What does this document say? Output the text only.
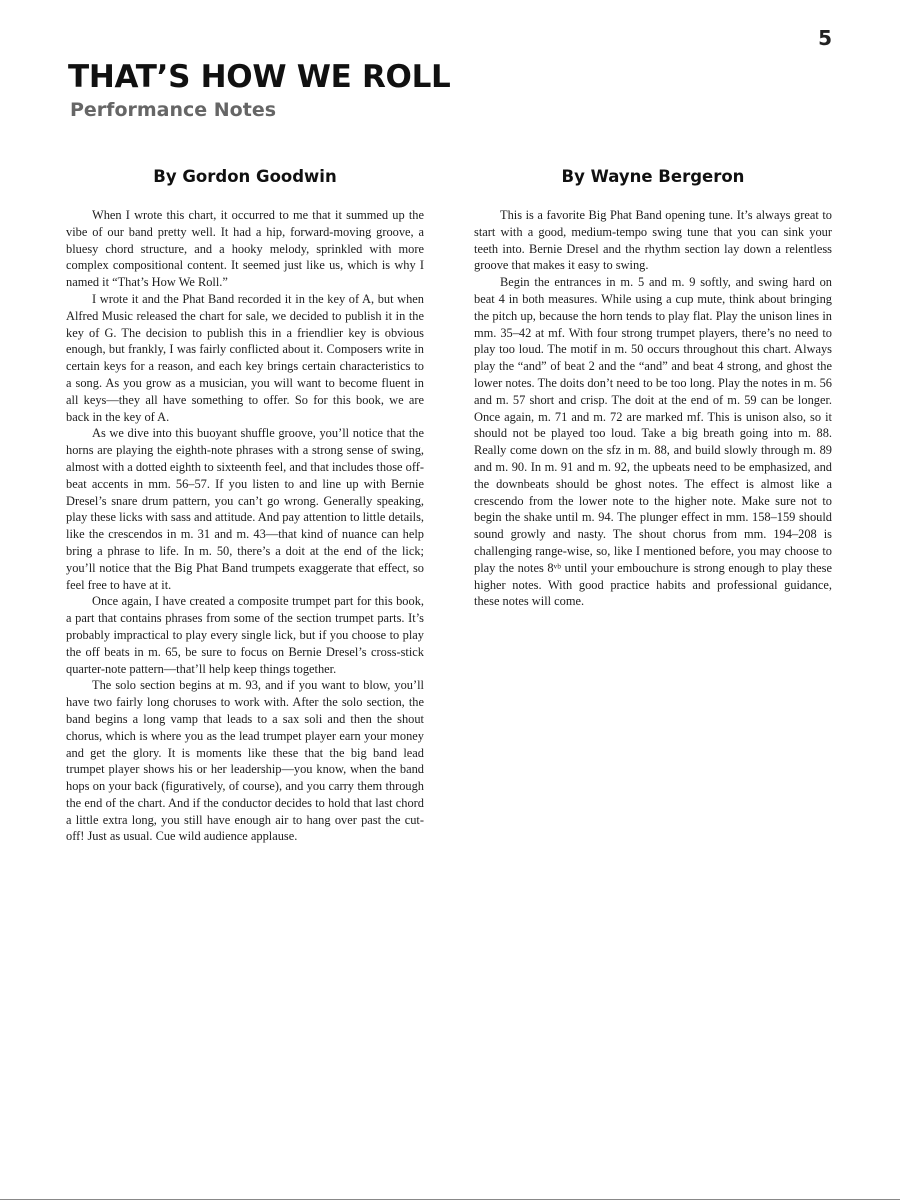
5
THAT’S HOW WE ROLL
Performance Notes
By Gordon Goodwin

When I wrote this chart, it occurred to me that it summed up the vibe of our band pretty well. It had a hip, forward-moving groove, a bluesy chord structure, and a hooky melody, sprinkled with more complex compositional content. It seemed just like us, which is why I named it “That’s How We Roll.”

I wrote it and the Phat Band recorded it in the key of A, but when Alfred Music released the chart for sale, we decided to publish it in the key of G. The decision to publish this in a friendlier key is obvious enough, but frankly, I was fairly conflicted about it. Composers write in certain keys for a reason, and each key brings certain characteristics to a song. As you grow as a musician, you will want to become fluent in all keys—they all have something to offer. So for this book, we are back in the key of A.

As we dive into this buoyant shuffle groove, you’ll notice that the horns are playing the eighth-note phrases with a strong sense of swing, almost with a dotted eighth to sixteenth feel, and that includes those off-beat accents in mm. 56–57. If you listen to and line up with Bernie Dresel’s snare drum pattern, you can’t go wrong. Generally speaking, play these licks with sass and attitude. And pay attention to little details, like the crescendos in m. 31 and m. 43—that kind of nuance can help bring a phrase to life. In m. 50, there’s a doit at the end of the lick; you’ll notice that the Big Phat Band trumpets exaggerate that effect, so feel free to have at it.

Once again, I have created a composite trumpet part for this book, a part that contains phrases from some of the section trumpet parts. It’s probably impractical to play every single lick, but if you choose to play the off beats in m. 65, be sure to focus on Bernie Dresel’s cross-stick quarter-note pattern—that’ll help keep things together.

The solo section begins at m. 93, and if you want to blow, you’ll have two fairly long choruses to work with. After the solo section, the band begins a long vamp that leads to a sax soli and then the shout chorus, which is where you as the lead trumpet player earn your money and get the glory. It is moments like these that the big band lead trumpet player shows his or her leadership—you know, when the band hops on your back (figuratively, of course), and you carry them through the end of the chart. And if the conductor decides to hold that last chord a little extra long, you still have enough air to hang over past the cut-off! Just as usual. Cue wild audience applause.

By Wayne Bergeron

This is a favorite Big Phat Band opening tune. It’s always great to start with a good, medium-tempo swing tune that you can sink your teeth into. Bernie Dresel and the rhythm section lay down a relentless groove that makes it easy to swing.

Begin the entrances in m. 5 and m. 9 softly, and swing hard on beat 4 in both measures. While using a cup mute, think about bringing the pitch up, because the horn tends to play flat. Play the unison lines in mm. 35–42 at mf. With four strong trumpet players, there’s no need to play too loud. The motif in m. 50 occurs throughout this chart. Always play the “and” of beat 2 and the “and” and beat 4 strong, and ghost the lower notes. The doits don’t need to be too long. Play the notes in m. 56 and m. 57 short and crisp. The doit at the end of m. 59 can be longer. Once again, m. 71 and m. 72 are marked mf. This is unison also, so it should not be played too loud. Take a big breath going into m. 88. Really come down on the sfz in m. 88, and build slowly through m. 89 and m. 90. In m. 91 and m. 92, the upbeats need to be emphasized, and the downbeats should be ghost notes. The effect is almost like a crescendo from the lower note to the higher note. Make sure not to begin the shake until m. 94. The plunger effect in mm. 158–159 should sound growly and nasty. The shout chorus from mm. 194–208 is challenging range-wise, so, like I mentioned before, you may choose to play the notes 8ᵛᵇ until your embouchure is strong enough to play these higher notes. With good practice habits and professional guidance, these notes will come.
